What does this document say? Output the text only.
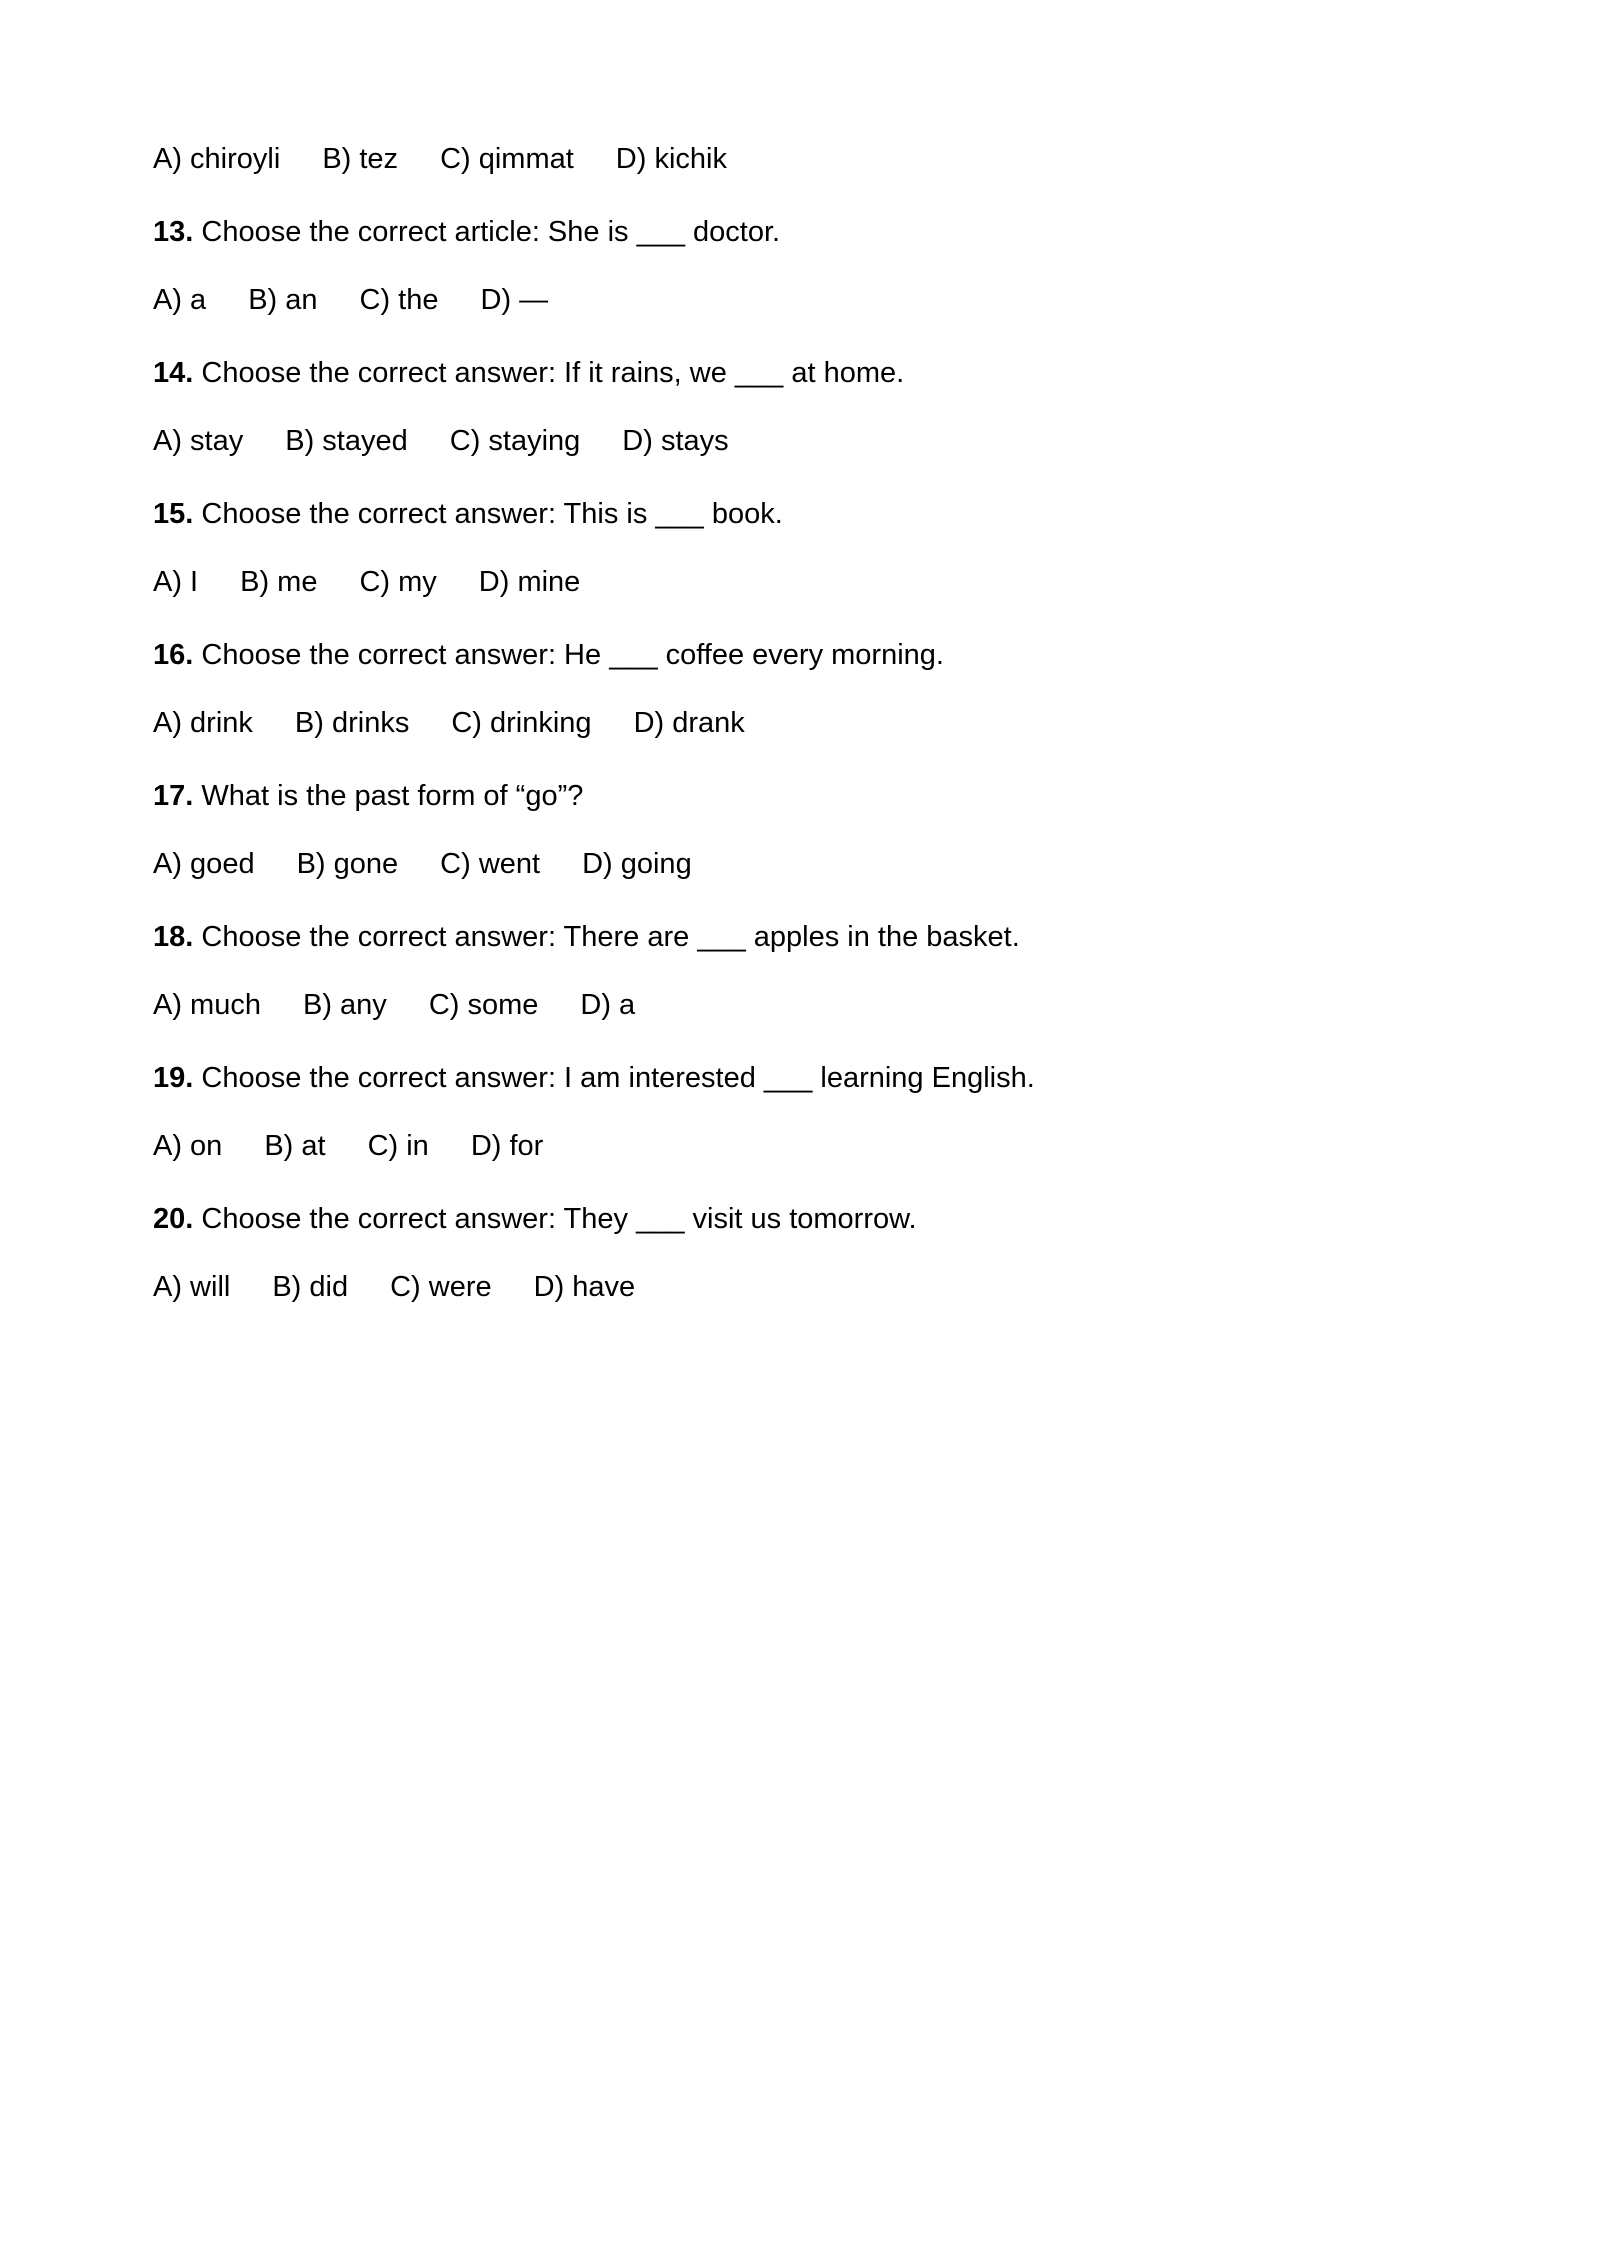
A) chiroyli B) tez C) qimmat D) kichik
13. Choose the correct article: She is ___ doctor.
A) a B) an C) the D) —
14. Choose the correct answer: If it rains, we ___ at home.
A) stay B) stayed C) staying D) stays
15. Choose the correct answer: This is ___ book.
A) I B) me C) my D) mine
16. Choose the correct answer: He ___ coffee every morning.
A) drink B) drinks C) drinking D) drank
17. What is the past form of “go”?
A) goed B) gone C) went D) going
18. Choose the correct answer: There are ___ apples in the basket.
A) much B) any C) some D) a
19. Choose the correct answer: I am interested ___ learning English.
A) on B) at C) in D) for
20. Choose the correct answer: They ___ visit us tomorrow.
A) will B) did C) were D) have
